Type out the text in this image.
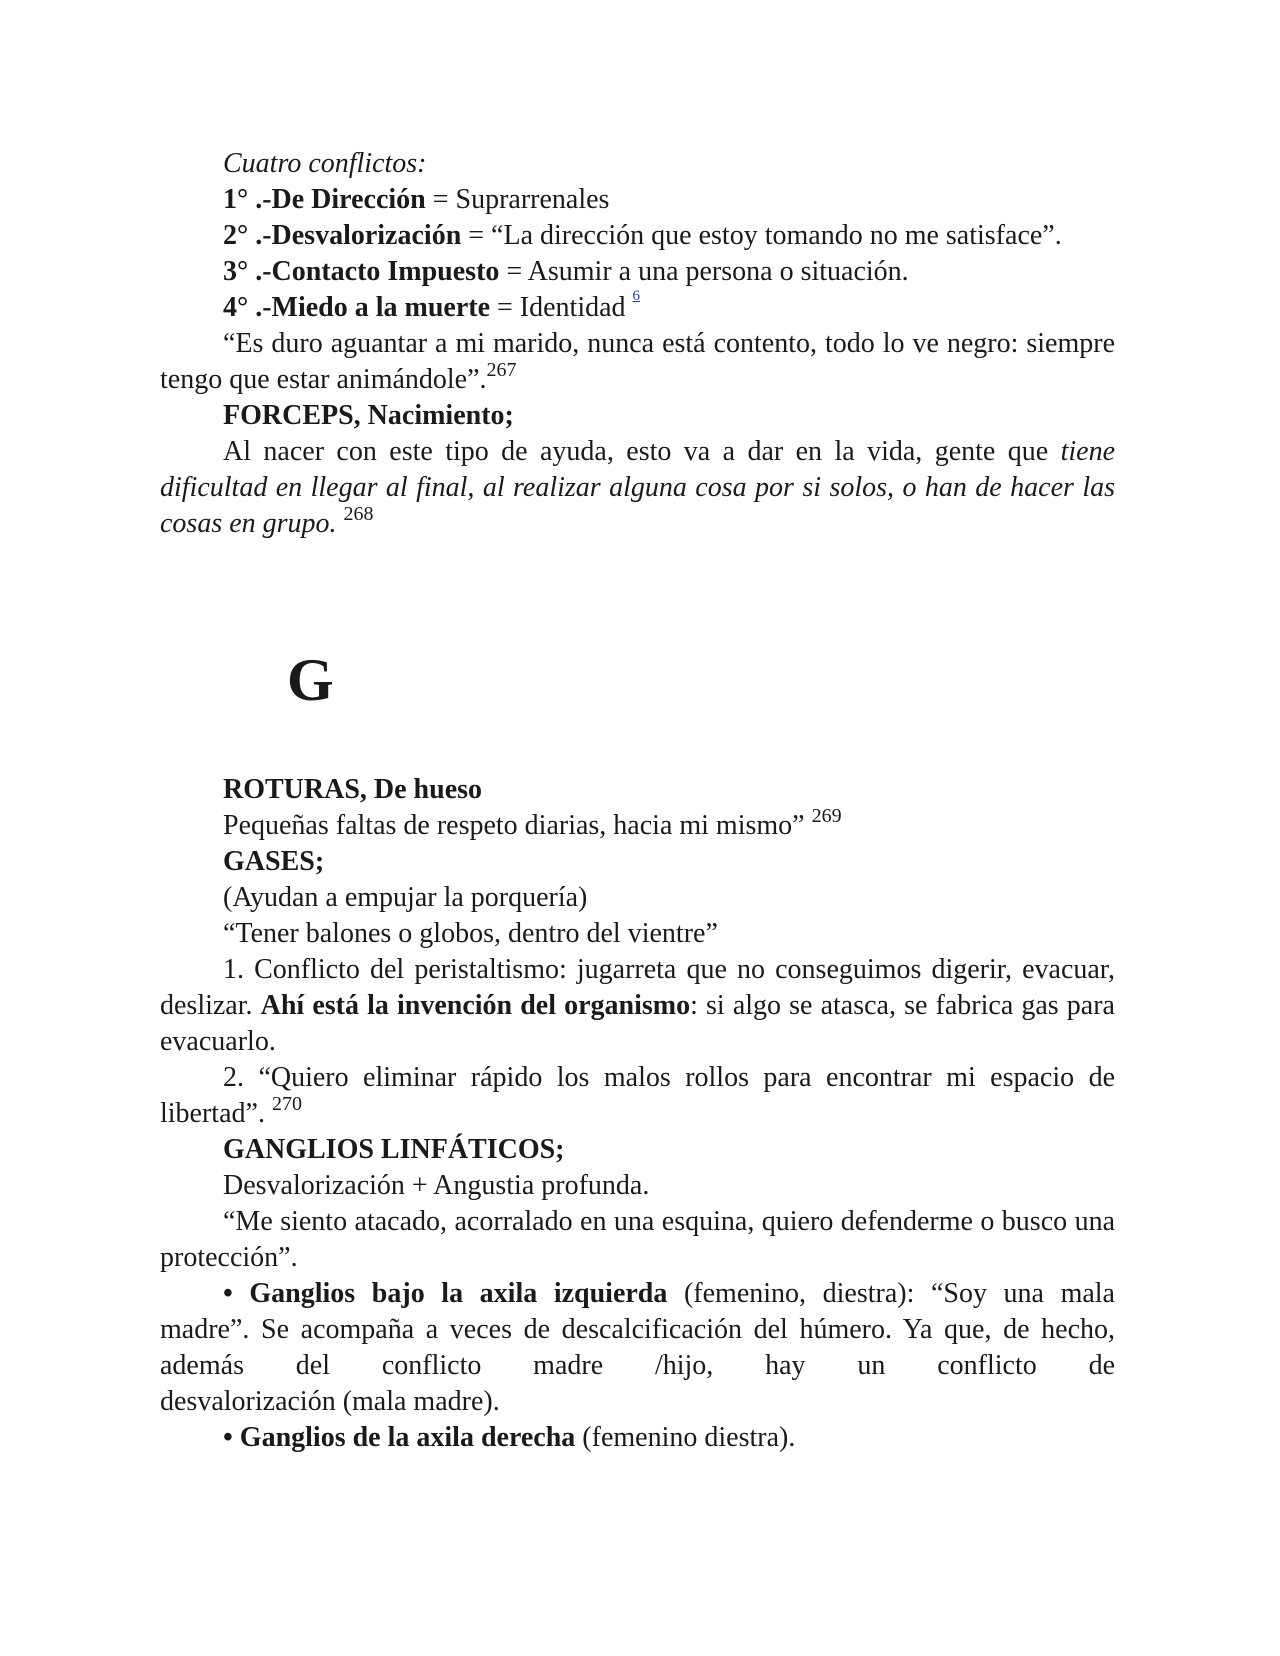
Cuatro conflictos:

1° .-De Dirección = Suprarrenales

2° .-Desvalorización = “La dirección que estoy tomando no me satisface”.

3° .-Contacto Impuesto = Asumir a una persona o situación.

4° .-Miedo a la muerte = Identidad $^6$

“Es duro aguantar a mi marido, nunca está contento, todo lo ve negro: siempre tengo que estar animándole”.$^{267}$

FORCEPS, Nacimiento;

Al nacer con este tipo de ayuda, esto va a dar en la vida, gente que tiene dificultad en llegar al final, al realizar alguna cosa por si solos, o han de hacer las cosas en grupo. $^{268}$

G

ROTURAS, De hueso

Pequeñas faltas de respeto diarias, hacia mi mismo” $^{269}$

GASES;

(Ayudan a empujar la porquería)

“Tener balones o globos, dentro del vientre”

1. Conflicto del peristaltismo: jugarreta que no conseguimos digerir, evacuar, deslizar. Ahí está la invención del organismo: si algo se atasca, se fabrica gas para evacuarlo.

2. “Quiero eliminar rápido los malos rollos para encontrar mi espacio de libertad”. $^{270}$

GANGLIOS LINFÁTICOS;

Desvalorización + Angustia profunda.

“Me siento atacado, acorralado en una esquina, quiero defenderme o busco una protección”.

• Ganglios bajo la axila izquierda (femenino, diestra): “Soy una mala madre”. Se acompaña a veces de descalcificación del húmero. Ya que, de hecho, además del conflicto madre /hijo, hay un conflicto de

desvalorización (mala madre).

• Ganglios de la axila derecha (femenino diestra).
